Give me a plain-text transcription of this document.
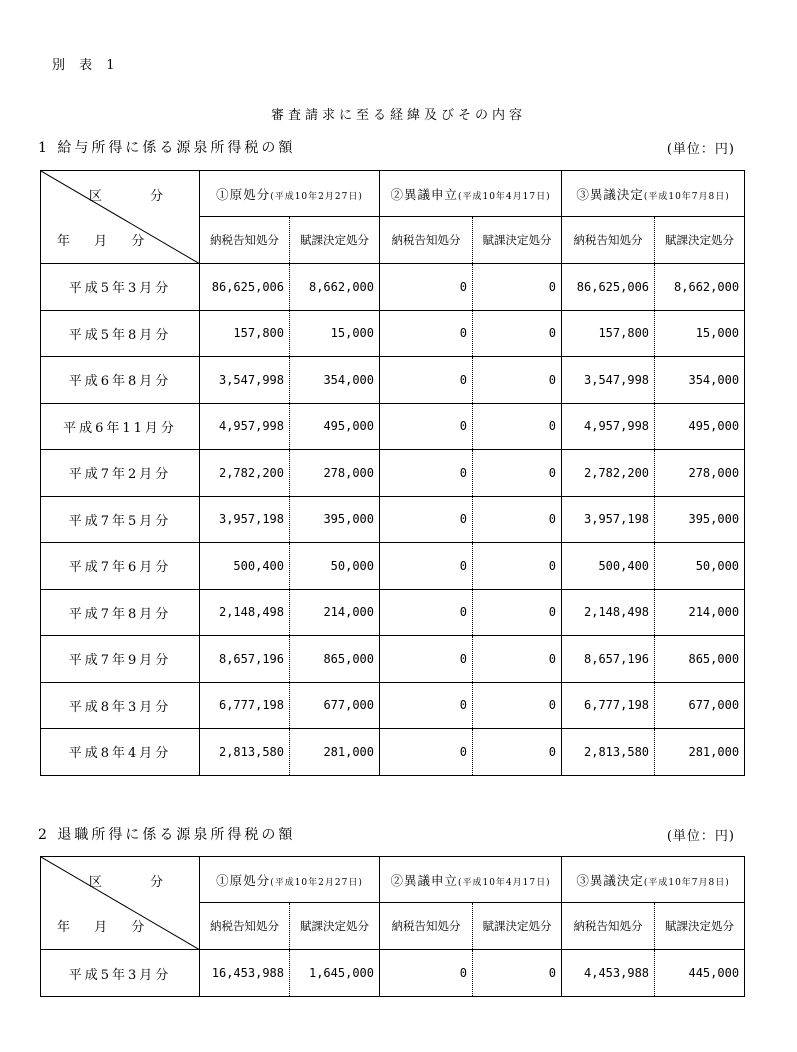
別 表 1
審査請求に至る経緯及びその内容
1 給与所得に係る源泉所得税の額	(単位：円)
区 分
年 月 分	①原処分(平成10年2月27日)		②異議申立(平成10年4月17日)		③異議決定(平成10年7月8日)	
	納税告知処分	賦課決定処分	納税告知処分	賦課決定処分	納税告知処分	賦課決定処分
平成5年3月分	86,625,006	8,662,000	0	0	86,625,006	8,662,000
平成5年8月分	157,800	15,000	0	0	157,800	15,000
平成6年8月分	3,547,998	354,000	0	0	3,547,998	354,000
平成6年11月分	4,957,998	495,000	0	0	4,957,998	495,000
平成7年2月分	2,782,200	278,000	0	0	2,782,200	278,000
平成7年5月分	3,957,198	395,000	0	0	3,957,198	395,000
平成7年6月分	500,400	50,000	0	0	500,400	50,000
平成7年8月分	2,148,498	214,000	0	0	2,148,498	214,000
平成7年9月分	8,657,196	865,000	0	0	8,657,196	865,000
平成8年3月分	6,777,198	677,000	0	0	6,777,198	677,000
平成8年4月分	2,813,580	281,000	0	0	2,813,580	281,000
2 退職所得に係る源泉所得税の額	(単位：円)
区 分
年 月 分	①原処分(平成10年2月27日)		②異議申立(平成10年4月17日)		③異議決定(平成10年7月8日)	
	納税告知処分	賦課決定処分	納税告知処分	賦課決定処分	納税告知処分	賦課決定処分
平成5年3月分	16,453,988	1,645,000	0	0	4,453,988	445,000
